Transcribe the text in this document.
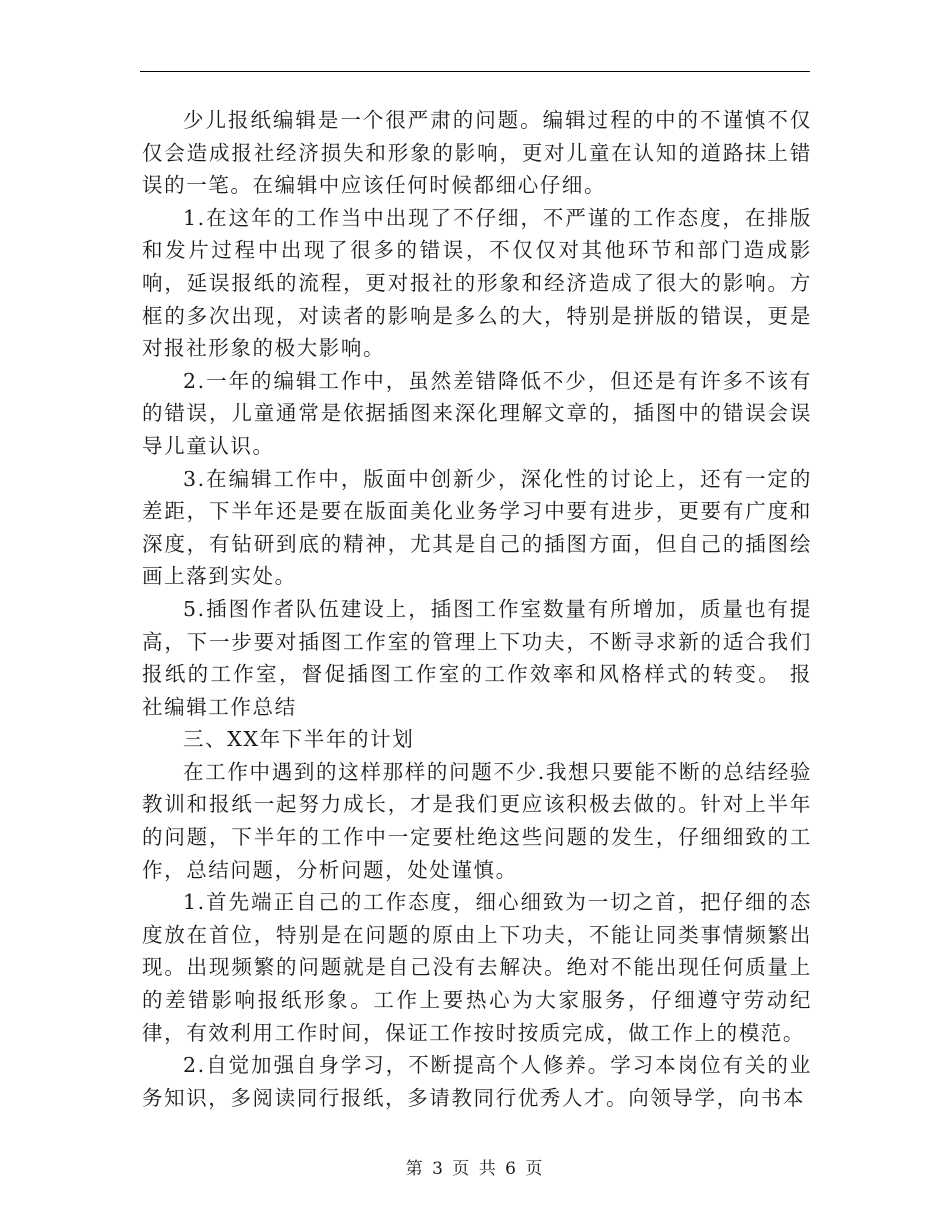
少儿报纸编辑是一个很严肃的问题。编辑过程的中的不谨慎不仅仅会造成报社经济损失和形象的影响，更对儿童在认知的道路抹上错误的一笔。在编辑中应该任何时候都细心仔细。

1.在这年的工作当中出现了不仔细，不严谨的工作态度，在排版和发片过程中出现了很多的错误，不仅仅对其他环节和部门造成影响，延误报纸的流程，更对报社的形象和经济造成了很大的影响。方框的多次出现，对读者的影响是多么的大，特别是拼版的错误，更是对报社形象的极大影响。

2.一年的编辑工作中，虽然差错降低不少，但还是有许多不该有的错误，儿童通常是依据插图来深化理解文章的，插图中的错误会误导儿童认识。

3.在编辑工作中，版面中创新少，深化性的讨论上，还有一定的差距，下半年还是要在版面美化业务学习中要有进步，更要有广度和深度，有钻研到底的精神，尤其是自己的插图方面，但自己的插图绘画上落到实处。

5.插图作者队伍建设上，插图工作室数量有所增加，质量也有提高，下一步要对插图工作室的管理上下功夫，不断寻求新的适合我们报纸的工作室，督促插图工作室的工作效率和风格样式的转变。 报社编辑工作总结

三、XX年下半年的计划

在工作中遇到的这样那样的问题不少.我想只要能不断的总结经验教训和报纸一起努力成长，才是我们更应该积极去做的。针对上半年的问题，下半年的工作中一定要杜绝这些问题的发生，仔细细致的工作，总结问题，分析问题，处处谨慎。

1.首先端正自己的工作态度，细心细致为一切之首，把仔细的态度放在首位，特别是在问题的原由上下功夫，不能让同类事情频繁出现。出现频繁的问题就是自己没有去解决。绝对不能出现任何质量上的差错影响报纸形象。工作上要热心为大家服务，仔细遵守劳动纪律，有效利用工作时间，保证工作按时按质完成，做工作上的模范。

2.自觉加强自身学习，不断提高个人修养。学习本岗位有关的业务知识，多阅读同行报纸，多请教同行优秀人才。向领导学，向书本

第 3 页 共 6 页
